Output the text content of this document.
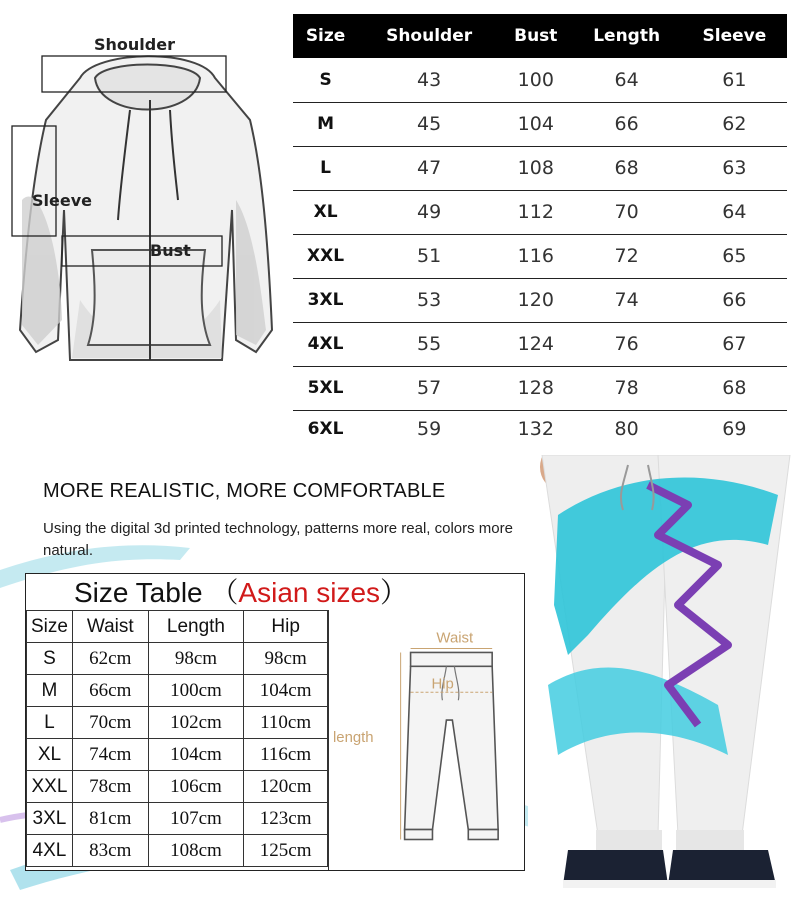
Shoulder
Sleeve
Bust
Size	Shoulder	Bust	Length	Sleeve
S	43	100	64	61
M	45	104	66	62
L	47	108	68	63
XL	49	112	70	64
XXL	51	116	72	65
3XL	53	120	74	66
4XL	55	124	76	67
5XL	57	128	78	68
6XL	59	132	80	69
MORE REALISTIC, MORE COMFORTABLE
Using the digital 3d printed technology, patterns more real, colors more natural.
Size Table （Asian sizes）
Size	Waist	Length	Hip
S	62cm	98cm	98cm
M	66cm	100cm	104cm
L	70cm	102cm	110cm
XL	74cm	104cm	116cm
XXL	78cm	106cm	120cm
3XL	81cm	107cm	123cm
4XL	83cm	108cm	125cm
Waist
Hip
length
